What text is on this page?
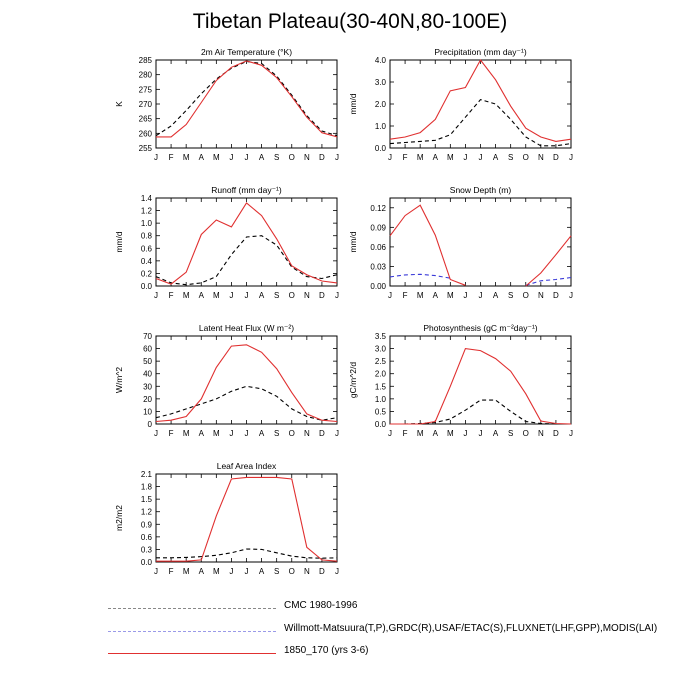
Tibetan Plateau(30-40N,80-100E)
2m Air Temperature (°K)
K
255
260
265
270
275
280
285
J F M A M J J A S O N D J
Precipitation (mm day⁻¹)
mm/d
0.0
1.0
2.0
3.0
4.0
J F M A M J J A S O N D J
Runoff (mm day⁻¹)
mm/d
0.0
0.2
0.4
0.6
0.8
1.0
1.2
1.4
J F M A M J J A S O N D J
Snow Depth (m)
mm/d
0.00
0.03
0.06
0.09
0.12
J F M A M J J A S O N D J
Latent Heat Flux (W m⁻²)
W/m^2
0
10
20
30
40
50
60
70
J F M A M J J A S O N D J
Photosynthesis (gC m⁻²day⁻¹)
gC/m^2/d
0.0
0.5
1.0
1.5
2.0
2.5
3.0
3.5
J F M A M J J A S O N D J
Leaf Area Index
m2/m2
0.0
0.3
0.6
0.9
1.2
1.5
1.8
2.1
J F M A M J J A S O N D J
CMC 1980-1996
Willmott-Matsuura(T,P),GRDC(R),USAF/ETAC(S),FLUXNET(LHF,GPP),MODIS(LAI)
1850_170 (yrs 3-6)
